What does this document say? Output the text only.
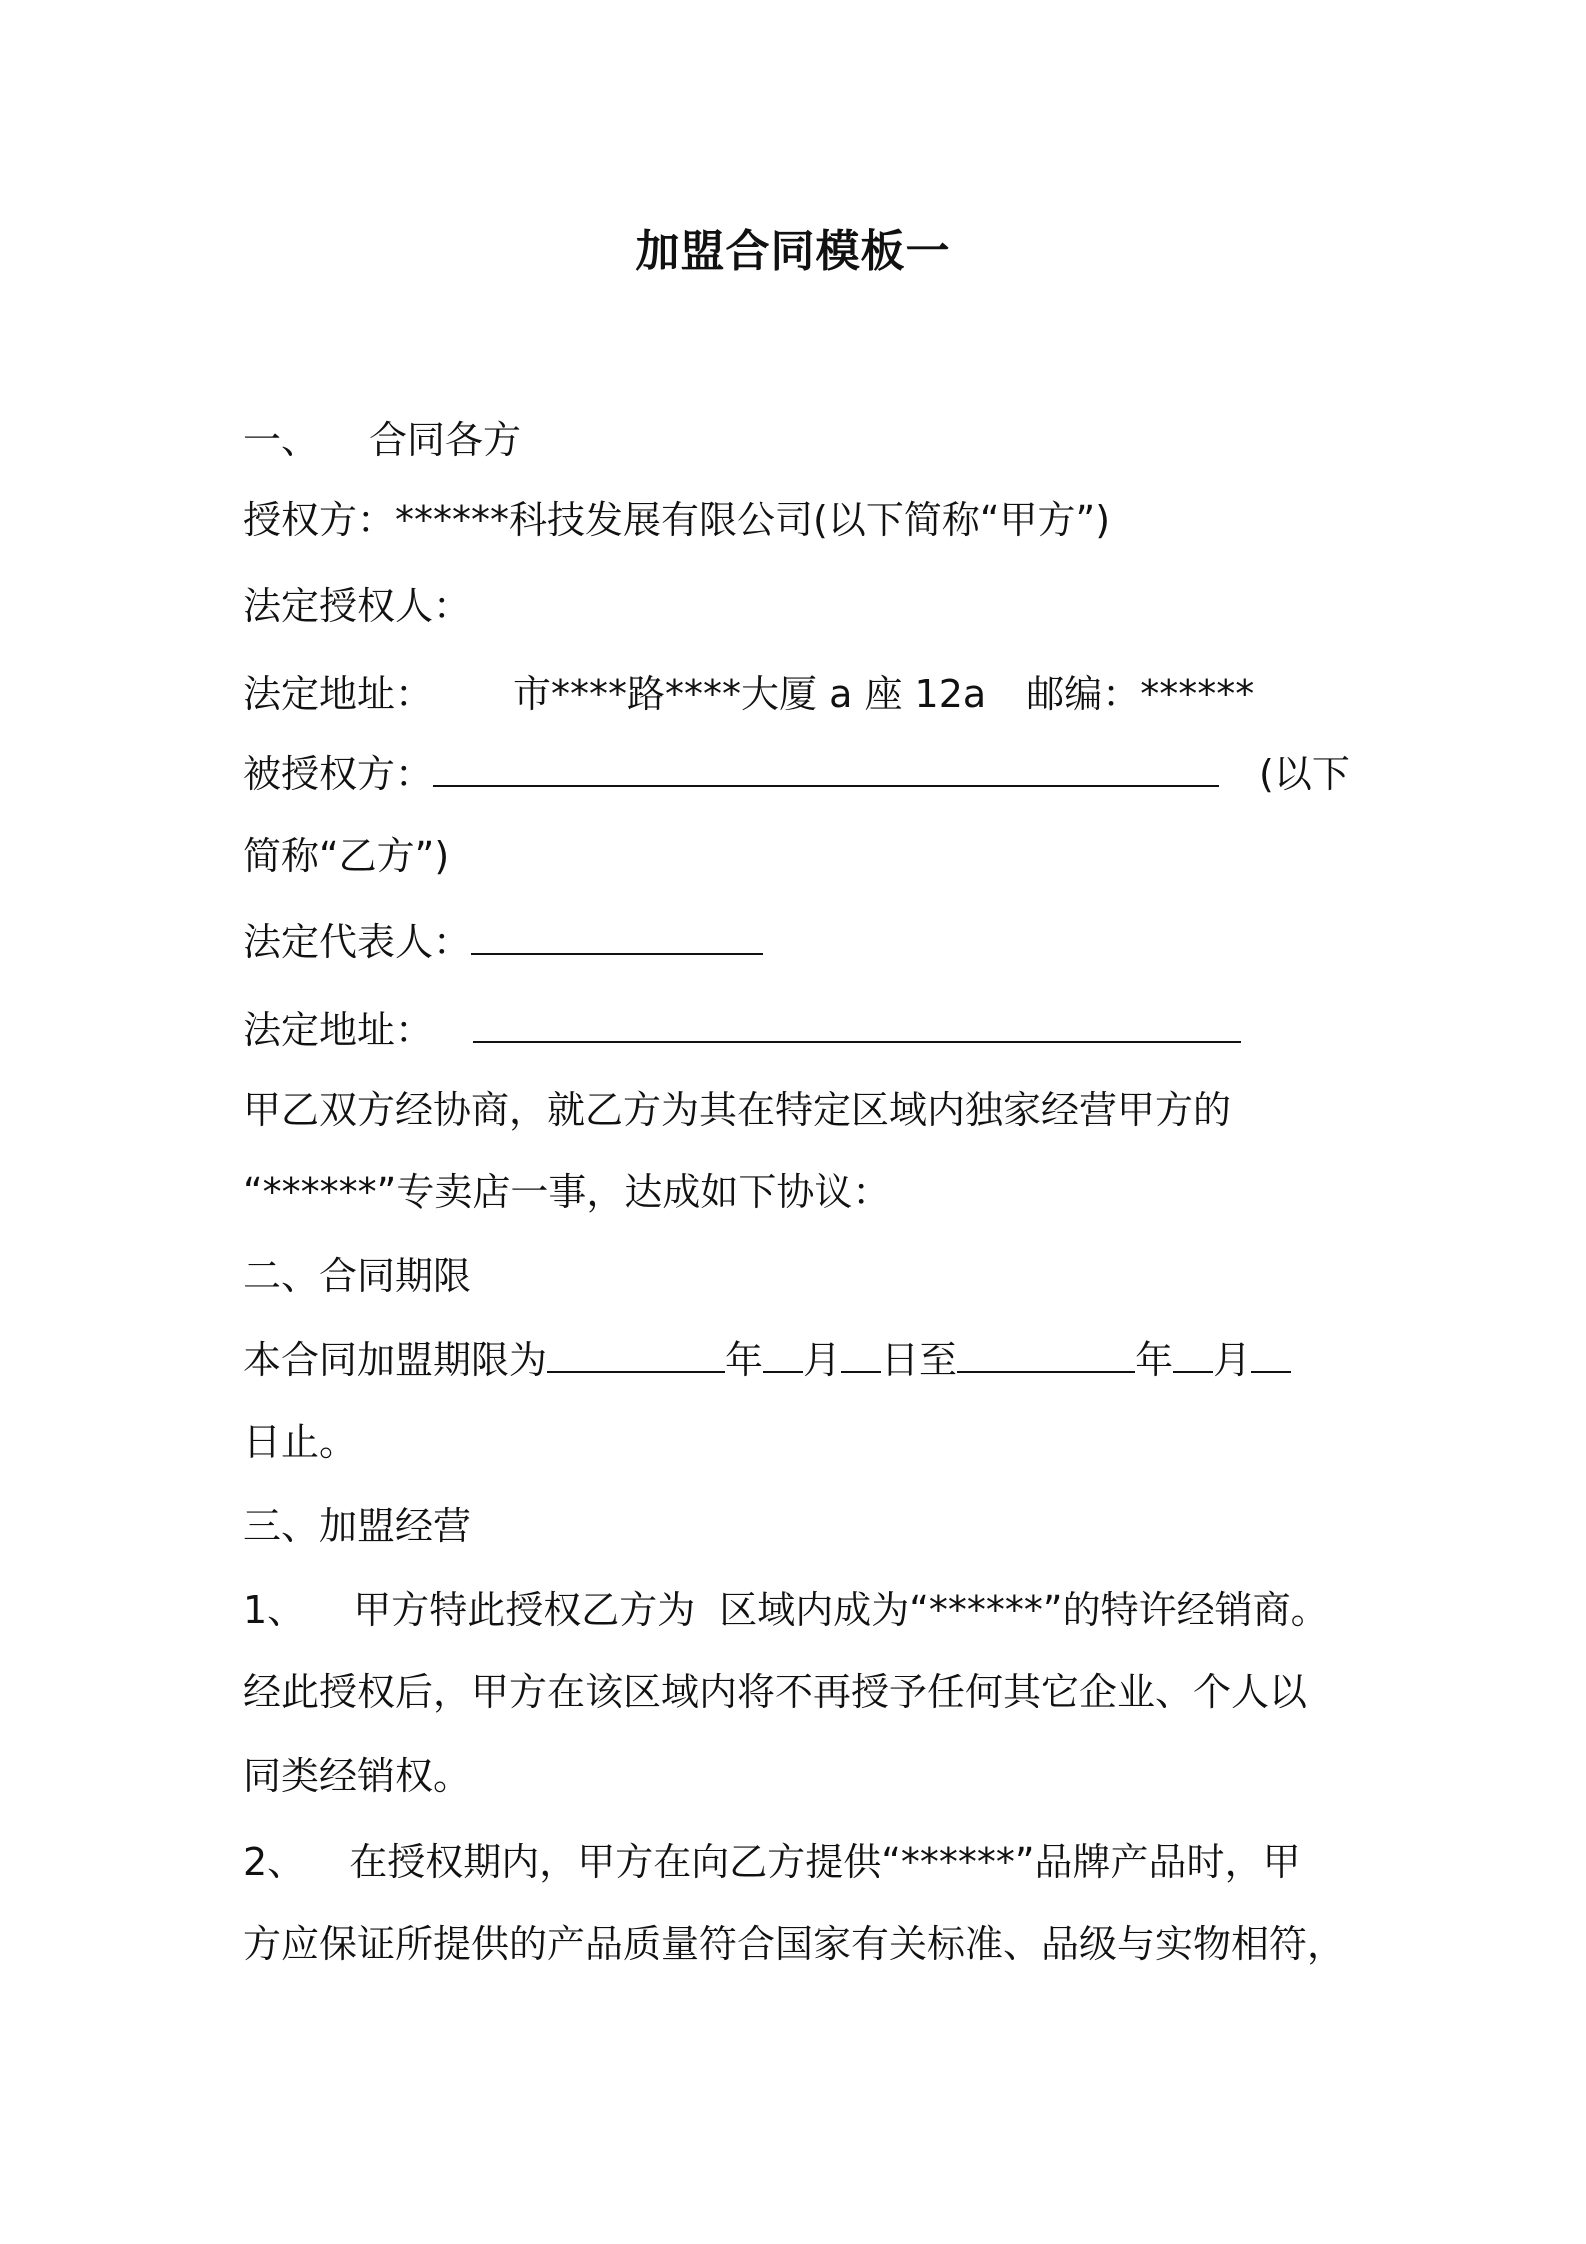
加盟合同模板一
一、 合同各方
授权方：******科技发展有限公司(以下简称“甲方”)
法定授权人：
法定地址： 市****路****大厦 a 座 12a 邮编：******
被授权方：	(以下
简称“乙方”)
法定代表人：
法定地址：
甲乙双方经协商，就乙方为其在特定区域内独家经营甲方的
“******”专卖店一事，达成如下协议：
二、合同期限
本合同加盟期限为	年 月 日至	年 月
日止。
三、加盟经营
1、 甲方特此授权乙方为 区域内成为“******”的特许经销商。
经此授权后，甲方在该区域内将不再授予任何其它企业、个人以
同类经销权。
2、 在授权期内，甲方在向乙方提供“******”品牌产品时，甲
方应保证所提供的产品质量符合国家有关标准、品级与实物相符，
